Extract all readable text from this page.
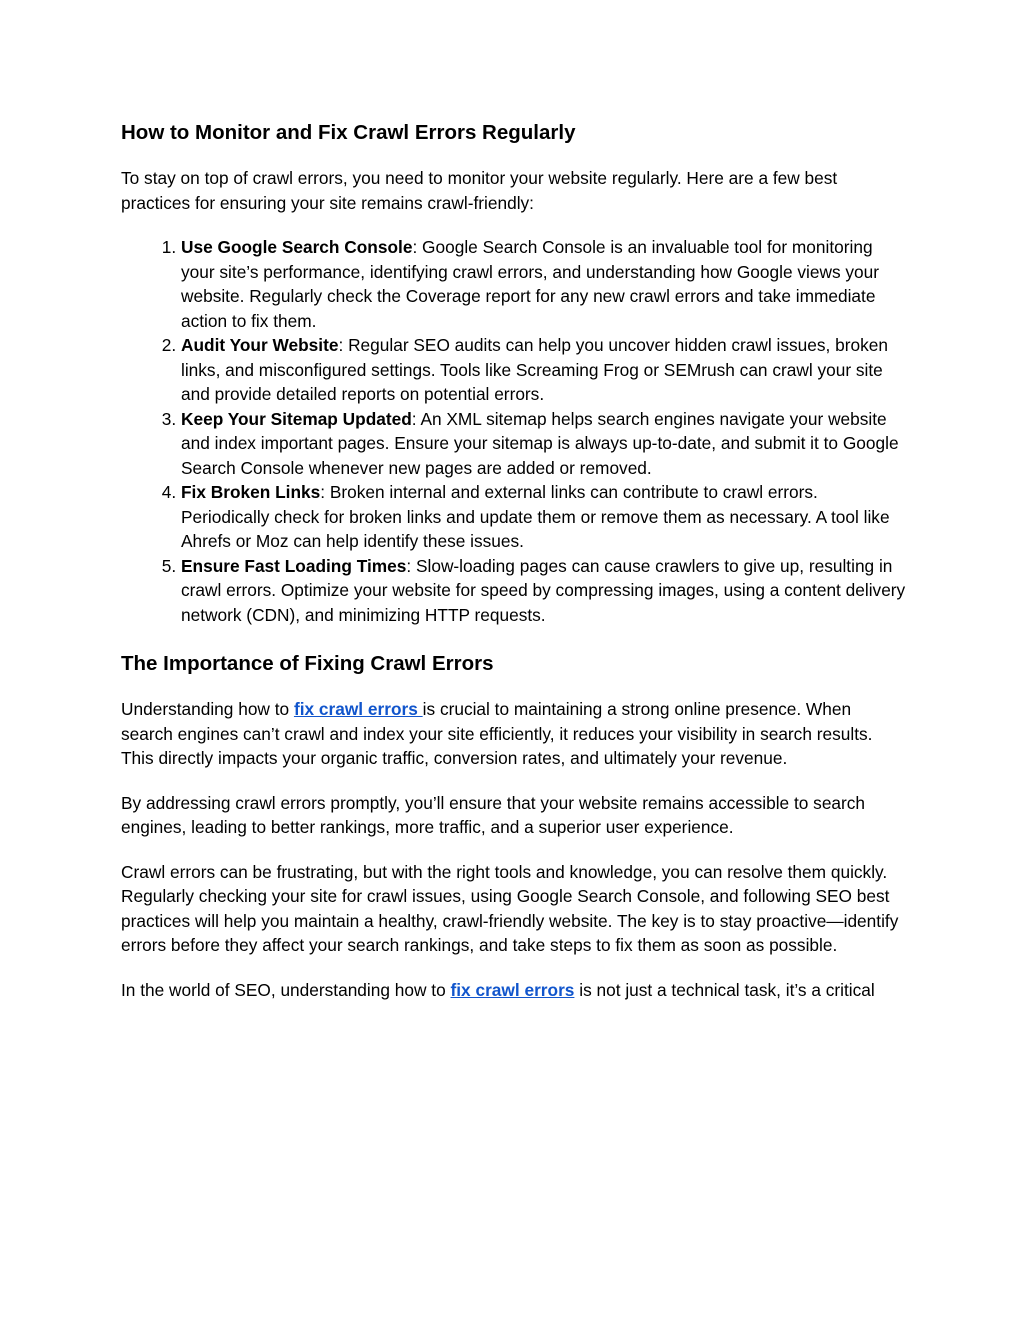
How to Monitor and Fix Crawl Errors Regularly

To stay on top of crawl errors, you need to monitor your website regularly. Here are a few best practices for ensuring your site remains crawl-friendly:

1. Use Google Search Console: Google Search Console is an invaluable tool for monitoring your site’s performance, identifying crawl errors, and understanding how Google views your website. Regularly check the Coverage report for any new crawl errors and take immediate action to fix them.
2. Audit Your Website: Regular SEO audits can help you uncover hidden crawl issues, broken links, and misconfigured settings. Tools like Screaming Frog or SEMrush can crawl your site and provide detailed reports on potential errors.
3. Keep Your Sitemap Updated: An XML sitemap helps search engines navigate your website and index important pages. Ensure your sitemap is always up-to-date, and submit it to Google Search Console whenever new pages are added or removed.
4. Fix Broken Links: Broken internal and external links can contribute to crawl errors. Periodically check for broken links and update them or remove them as necessary. A tool like Ahrefs or Moz can help identify these issues.
5. Ensure Fast Loading Times: Slow-loading pages can cause crawlers to give up, resulting in crawl errors. Optimize your website for speed by compressing images, using a content delivery network (CDN), and minimizing HTTP requests.
The Importance of Fixing Crawl Errors

Understanding how to fix crawl errors is crucial to maintaining a strong online presence. When search engines can’t crawl and index your site efficiently, it reduces your visibility in search results. This directly impacts your organic traffic, conversion rates, and ultimately your revenue.

By addressing crawl errors promptly, you’ll ensure that your website remains accessible to search engines, leading to better rankings, more traffic, and a superior user experience.

Crawl errors can be frustrating, but with the right tools and knowledge, you can resolve them quickly. Regularly checking your site for crawl issues, using Google Search Console, and following SEO best practices will help you maintain a healthy, crawl-friendly website. The key is to stay proactive—identify errors before they affect your search rankings, and take steps to fix them as soon as possible.

In the world of SEO, understanding how to fix crawl errors is not just a technical task, it’s a critical
